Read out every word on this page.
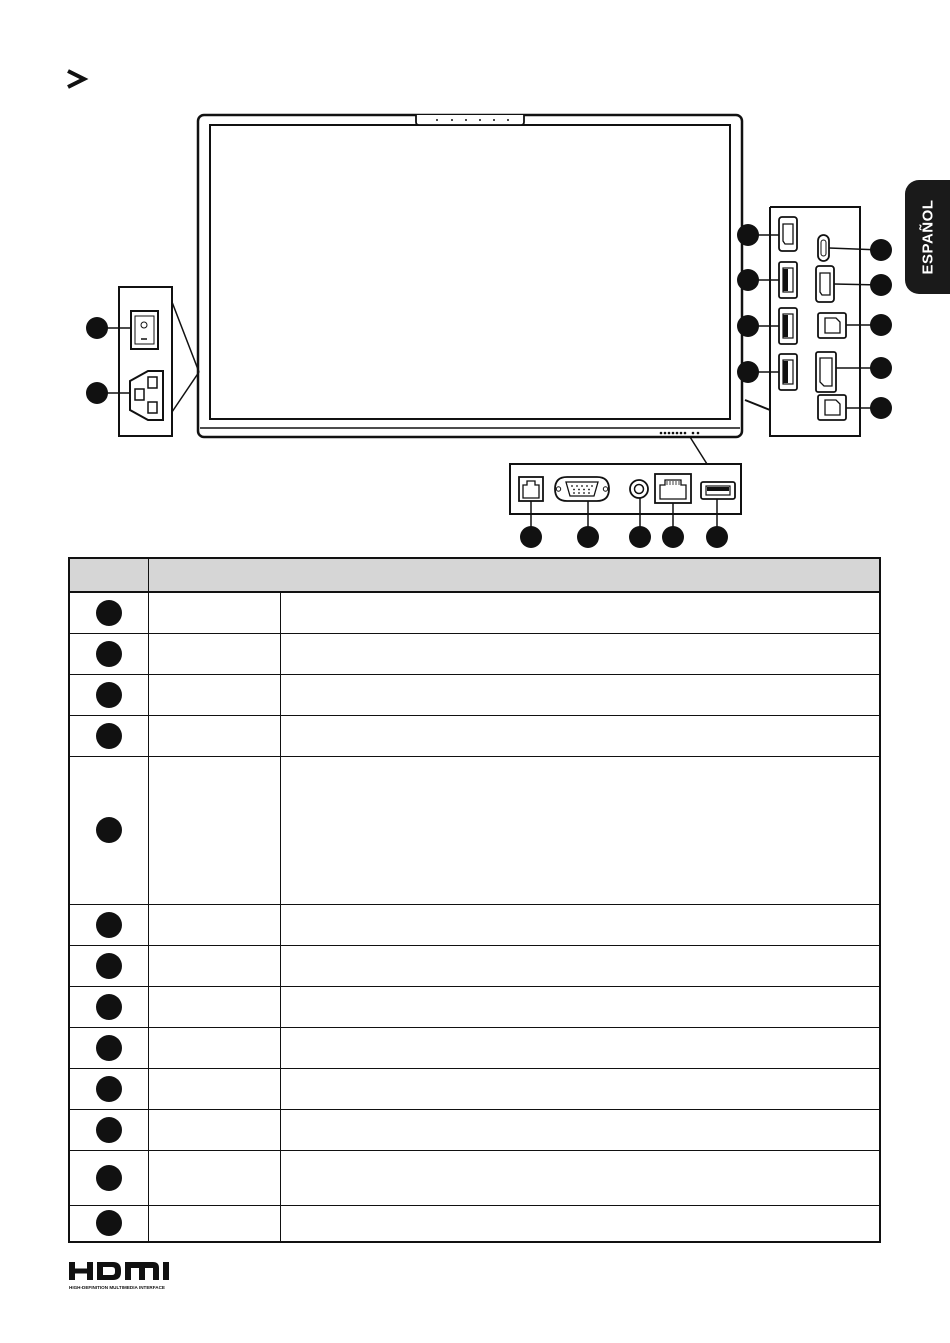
ESPAÑOL

HIGH-DEFINITION MULTIMEDIA INTERFACE
